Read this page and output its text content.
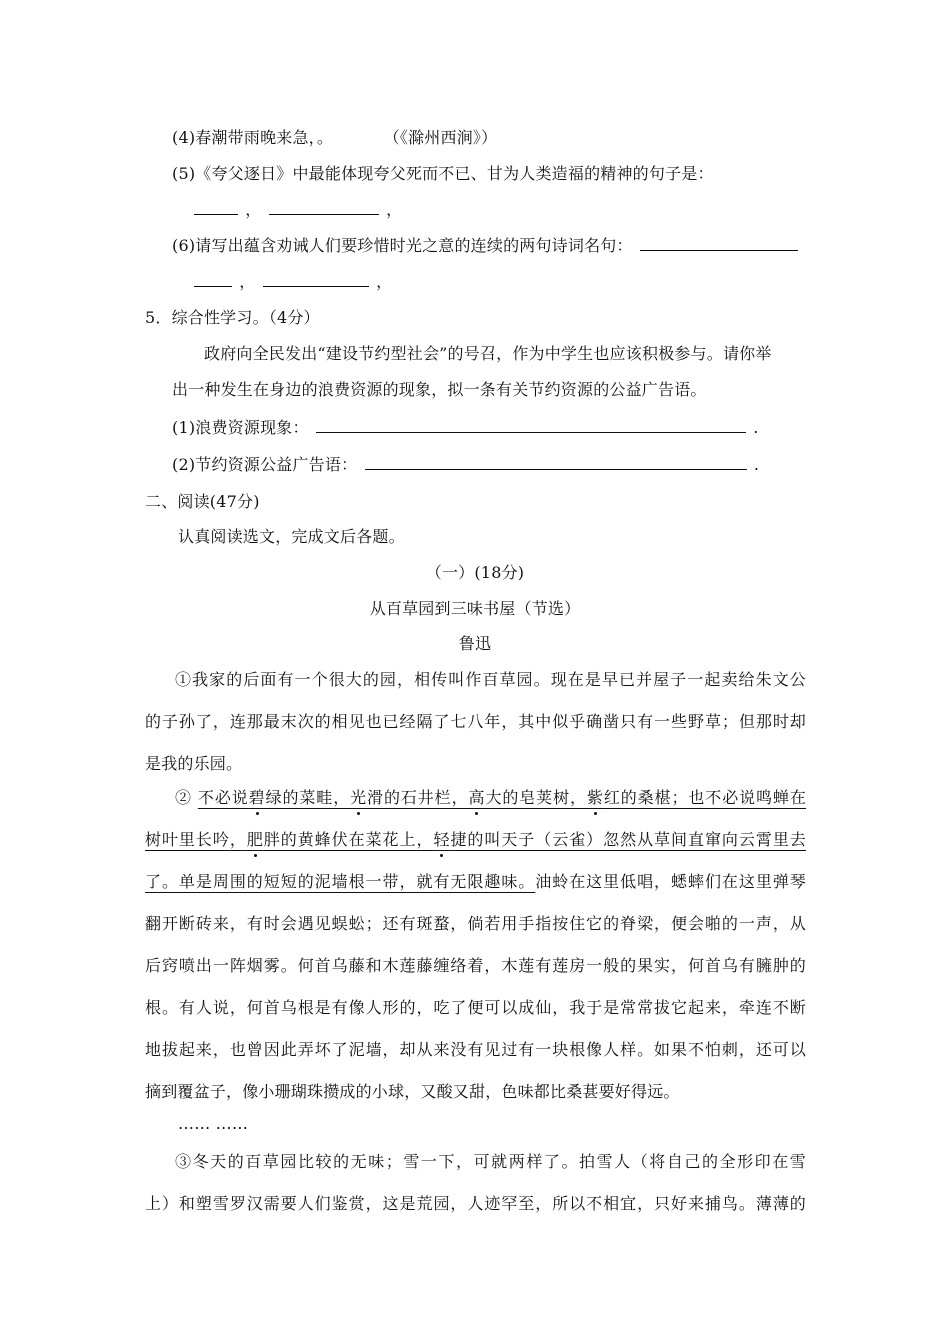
(4)春潮带雨晚来急，。	（《滁州西涧》）
(5)《夸父逐日》中最能体现夸父死而不已、甘为人类造福的精神的句子是：
，	，
(6)请写出蕴含劝诫人们要珍惜时光之意的连续的两句诗词名句：
，	，
5．综合性学习。（4分）
政府向全民发出“建设节约型社会”的号召，作为中学生也应该积极参与。请你举
出一种发生在身边的浪费资源的现象，拟一条有关节约资源的公益广告语。
(1)浪费资源现象：	.
(2)节约资源公益广告语：	.
二、阅读(47分)
认真阅读选文，完成文后各题。
（一）(18分)
从百草园到三味书屋（节选）
鲁迅
①我家的后面有一个很大的园，相传叫作百草园。现在是早已并屋子一起卖给朱文公
的子孙了，连那最末次的相见也已经隔了七八年，其中似乎确凿只有一些野草；但那时却
是我的乐园。
② 不必说碧绿的菜畦，光滑的石井栏，高大的皂荚树，紫红的桑椹；也不必说鸣蝉在
树叶里长吟，肥胖的黄蜂伏在菜花上，轻捷的叫天子（云雀）忽然从草间直窜向云霄里去
了。单是周围的短短的泥墙根一带，就有无限趣味。油蛉在这里低唱，蟋蟀们在这里弹琴
翻开断砖来，有时会遇见蜈蚣；还有斑蝥，倘若用手指按住它的脊梁，便会啪的一声，从
后窍喷出一阵烟雾。何首乌藤和木莲藤缠络着，木莲有莲房一般的果实，何首乌有臃肿的
根。有人说，何首乌根是有像人形的，吃了便可以成仙，我于是常常拔它起来，牵连不断
地拔起来，也曾因此弄坏了泥墙，却从来没有见过有一块根像人样。如果不怕刺，还可以
摘到覆盆子，像小珊瑚珠攒成的小球，又酸又甜，色味都比桑葚要好得远。
…… ……
③冬天的百草园比较的无味；雪一下，可就两样了。拍雪人（将自己的全形印在雪
上）和塑雪罗汉需要人们鉴赏，这是荒园，人迹罕至，所以不相宜，只好来捕鸟。薄薄的
